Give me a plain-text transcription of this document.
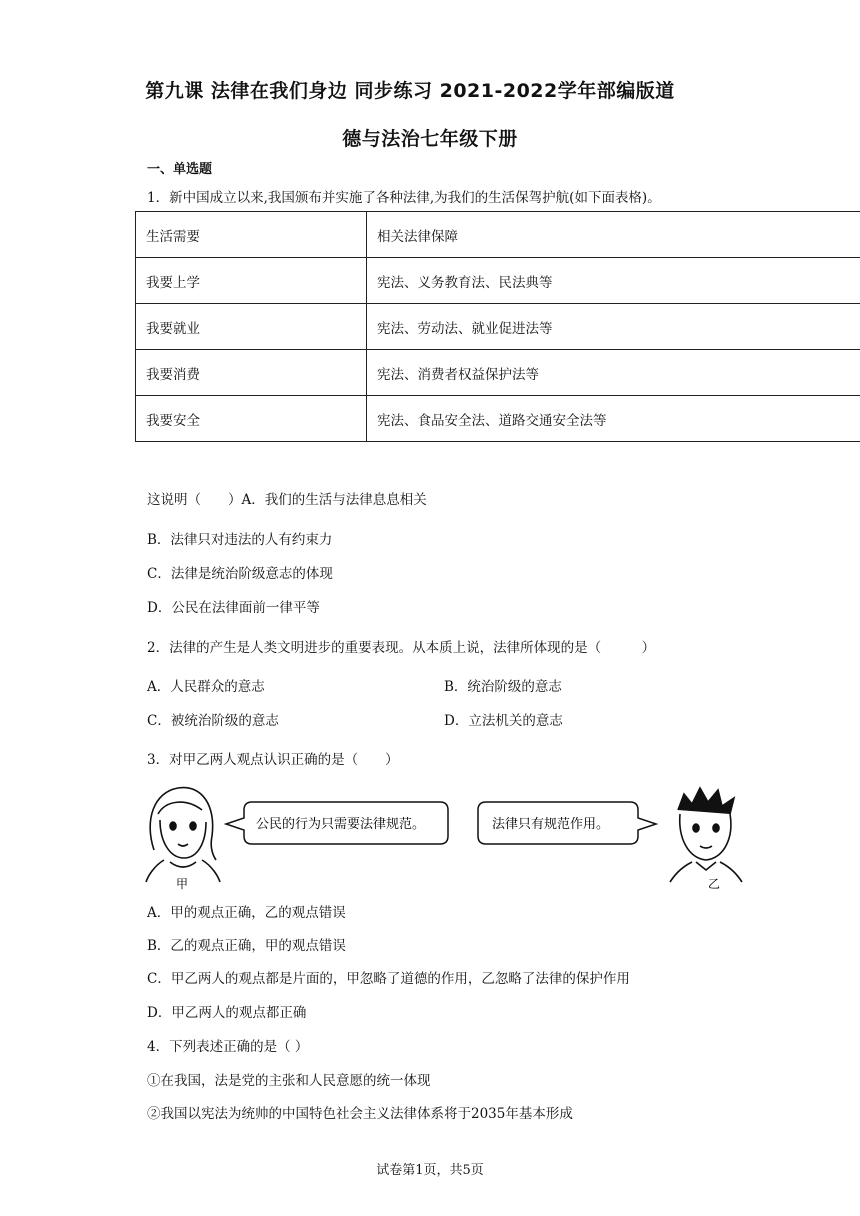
第九课 法律在我们身边 同步练习 2021-2022学年部编版道
德与法治七年级下册
一、单选题
1．新中国成立以来,我国颁布并实施了各种法律,为我们的生活保驾护航(如下面表格)。
生活需要	相关法律保障
我要上学	宪法、义务教育法、民法典等
我要就业	宪法、劳动法、就业促进法等
我要消费	宪法、消费者权益保护法等
我要安全	宪法、食品安全法、道路交通安全法等
这说明（　　）A．我们的生活与法律息息相关
B．法律只对违法的人有约束力
C．法律是统治阶级意志的体现
D．公民在法律面前一律平等
2．法律的产生是人类文明进步的重要表现。从本质上说，法律所体现的是（　　　）
A．人民群众的意志	B．统治阶级的意志
C．被统治阶级的意志	D．立法机关的意志
3．对甲乙两人观点认识正确的是（　　）
甲
公民的行为只需要法律规范。	法律只有规范作用。
乙
A．甲的观点正确，乙的观点错误
B．乙的观点正确，甲的观点错误
C．甲乙两人的观点都是片面的，甲忽略了道德的作用，乙忽略了法律的保护作用
D．甲乙两人的观点都正确
4．下列表述正确的是（ ）
①在我国，法是党的主张和人民意愿的统一体现
②我国以宪法为统帅的中国特色社会主义法律体系将于2035年基本形成
试卷第1页，共5页
